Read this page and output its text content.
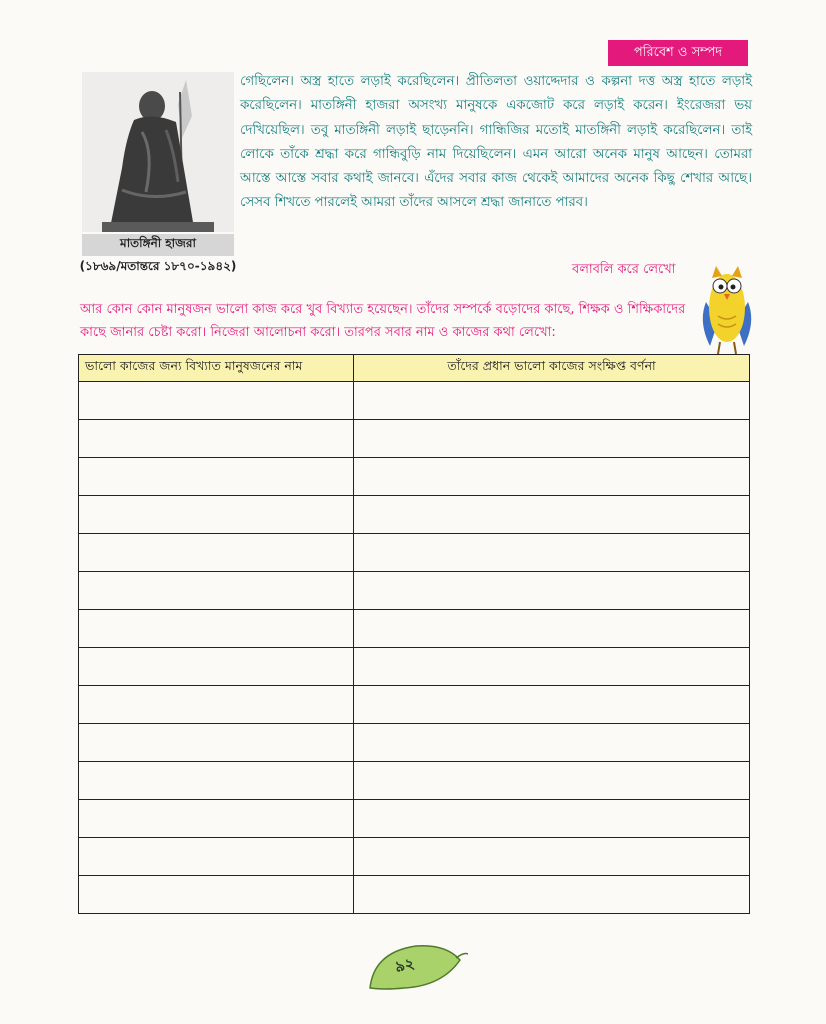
পরিবেশ ও সম্পদ
মাতঙ্গিনী হাজরা
(১৮৬৯/মতান্তরে ১৮৭০-১৯৪২)

গেছিলেন। অস্ত্র হাতে লড়াই করেছিলেন। প্রীতিলতা ওয়াদ্দেদার ও কল্পনা দত্ত অস্ত্র হাতে লড়াই করেছিলেন। মাতঙ্গিনী হাজরা অসংখ্য মানুষকে একজোট করে লড়াই করেন। ইংরেজরা ভয় দেখিয়েছিল। তবু মাতঙ্গিনী লড়াই ছাড়েননি। গান্ধিজির মতোই মাতঙ্গিনী লড়াই করেছিলেন। তাই লোকে তাঁকে শ্রদ্ধা করে গান্ধিবুড়ি নাম দিয়েছিলেন। এমন আরো অনেক মানুষ আছেন। তোমরা আস্তে আস্তে সবার কথাই জানবে। এঁদের সবার কাজ থেকেই আমাদের অনেক কিছু শেখার আছে। সেসব শিখতে পারলেই আমরা তাঁদের আসলে শ্রদ্ধা জানাতে পারব।

বলাবলি করে লেখো

আর কোন কোন মানুষজন ভালো কাজ করে খুব বিখ্যাত হয়েছেন। তাঁদের সম্পর্কে বড়োদের কাছে, শিক্ষক ও শিক্ষিকাদের কাছে জানার চেষ্টা করো। নিজেরা আলোচনা করো। তারপর সবার নাম ও কাজের কথা লেখো:

ভালো কাজের জন্য বিখ্যাত মানুষজনের নাম	তাঁদের প্রধান ভালো কাজের সংক্ষিপ্ত বর্ণনা

৯২
